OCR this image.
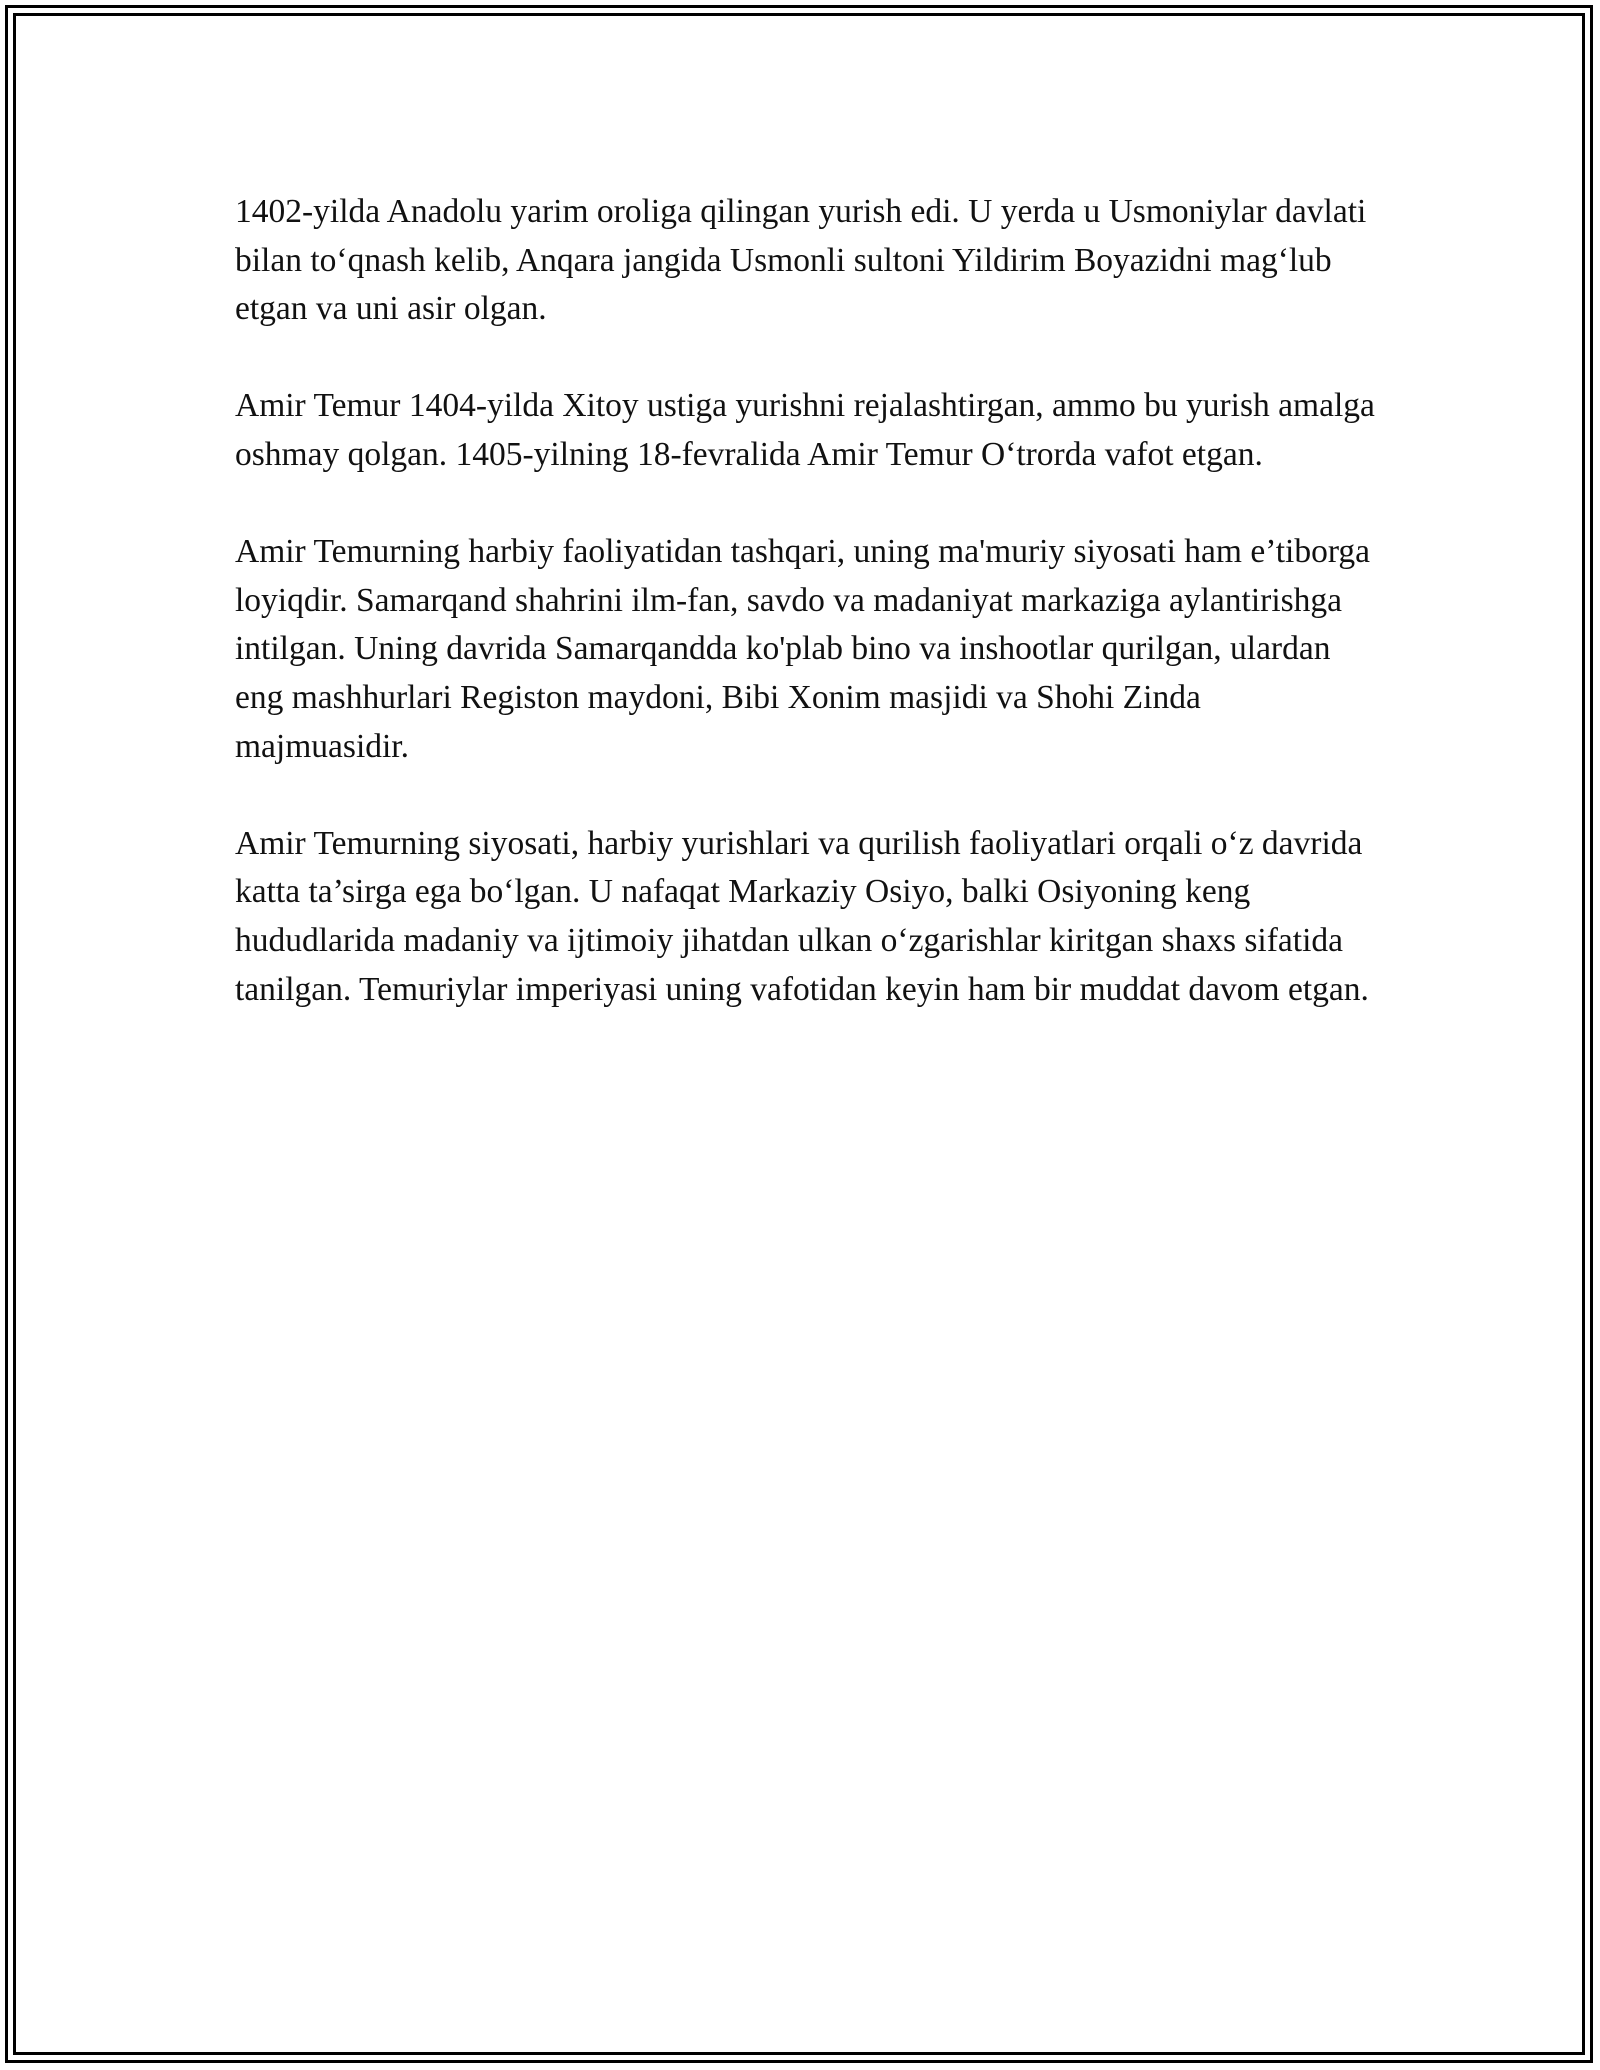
1402-yilda Anadolu yarim oroliga qilingan yurish edi. U yerda u Usmoniylar davlati bilan to‘qnash kelib, Anqara jangida Usmonli sultoni Yildirim Boyazidni mag‘lub etgan va uni asir olgan.

Amir Temur 1404-yilda Xitoy ustiga yurishni rejalashtirgan, ammo bu yurish amalga oshmay qolgan. 1405-yilning 18-fevralida Amir Temur O‘trorda vafot etgan.

Amir Temurning harbiy faoliyatidan tashqari, uning ma'muriy siyosati ham e’tiborga loyiqdir. Samarqand shahrini ilm-fan, savdo va madaniyat markaziga aylantirishga intilgan. Uning davrida Samarqandda ko'plab bino va inshootlar qurilgan, ulardan eng mashhurlari Registon maydoni, Bibi Xonim masjidi va Shohi Zinda majmuasidir.

Amir Temurning siyosati, harbiy yurishlari va qurilish faoliyatlari orqali o‘z davrida katta ta’sirga ega bo‘lgan. U nafaqat Markaziy Osiyo, balki Osiyoning keng hududlarida madaniy va ijtimoiy jihatdan ulkan o‘zgarishlar kiritgan shaxs sifatida tanilgan. Temuriylar imperiyasi uning vafotidan keyin ham bir muddat davom etgan.
